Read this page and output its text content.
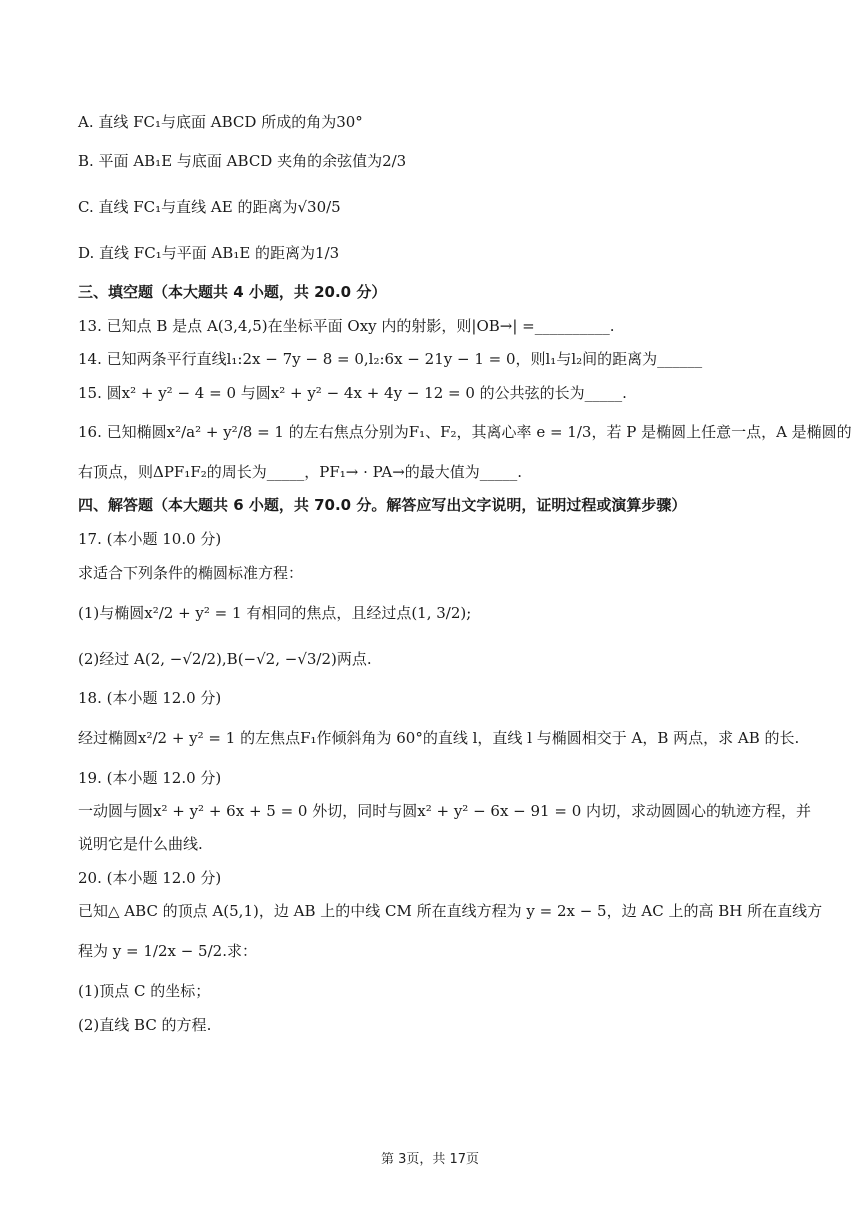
A. 直线 FC₁与底面 ABCD 所成的角为30°
B. 平面 AB₁E 与底面 ABCD 夹角的余弦值为2/3
C. 直线 FC₁与直线 AE 的距离为√30/5
D. 直线 FC₁与平面 AB₁E 的距离为1/3
三、填空题（本大题共 4 小题，共 20.0 分）
13. 已知点 B 是点 A(3,4,5)在坐标平面 Oxy 内的射影，则|OB→| =__________.
14. 已知两条平行直线l₁:2x − 7y − 8 = 0,l₂:6x − 21y − 1 = 0，则l₁与l₂间的距离为______
15. 圆x² + y² − 4 = 0 与圆x² + y² − 4x + 4y − 12 = 0 的公共弦的长为_____.
16. 已知椭圆x²/a² + y²/8 = 1 的左右焦点分别为F₁、F₂，其离心率 e = 1/3，若 P 是椭圆上任意一点，A 是椭圆的
右顶点，则ΔPF₁F₂的周长为_____，PF₁→ · PA→的最大值为_____.
四、解答题（本大题共 6 小题，共 70.0 分。解答应写出文字说明，证明过程或演算步骤）
17. (本小题 10.0 分)
求适合下列条件的椭圆标准方程：
(1)与椭圆x²/2 + y² = 1 有相同的焦点，且经过点(1, 3/2);
(2)经过 A(2, −√2/2),B(−√2, −√3/2)两点.
18. (本小题 12.0 分)
经过椭圆x²/2 + y² = 1 的左焦点F₁作倾斜角为 60°的直线 l，直线 l 与椭圆相交于 A，B 两点，求 AB 的长.
19. (本小题 12.0 分)
一动圆与圆x² + y² + 6x + 5 = 0 外切，同时与圆x² + y² − 6x − 91 = 0 内切，求动圆圆心的轨迹方程，并
说明它是什么曲线.
20. (本小题 12.0 分)
已知△ ABC 的顶点 A(5,1)，边 AB 上的中线 CM 所在直线方程为 y = 2x − 5，边 AC 上的高 BH 所在直线方
程为 y = 1/2x − 5/2.求：
(1)顶点 C 的坐标；
(2)直线 BC 的方程.
第 3页，共 17页
